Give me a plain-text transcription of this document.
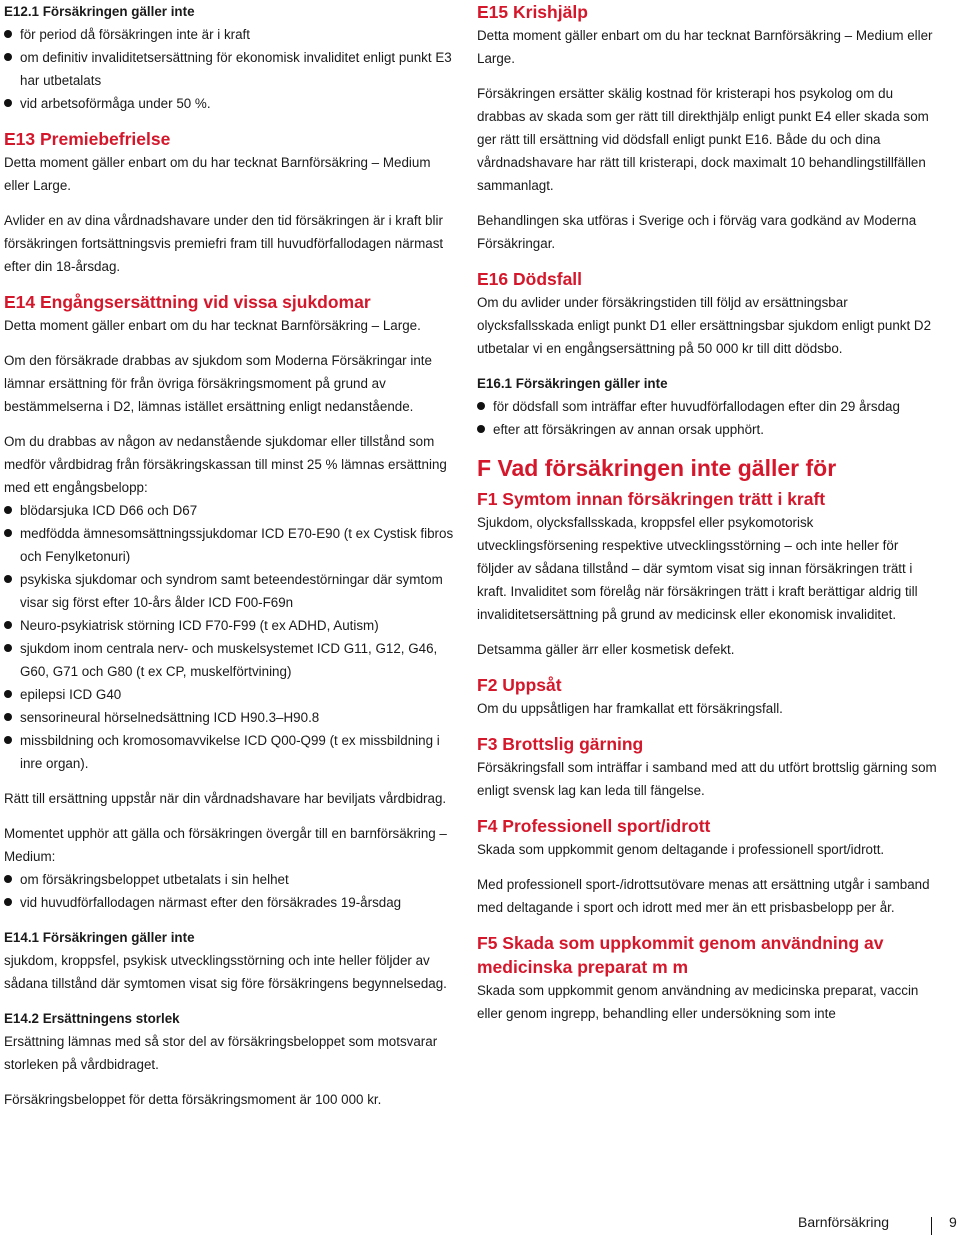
E12.1 Försäkringen gäller inte

för period då försäkringen inte är i kraft
om definitiv invaliditetsersättning för ekonomisk invaliditet enligt punkt E3 har utbetalats
vid arbetsoförmåga under 50 %.
E13 Premiebefrielse

Detta moment gäller enbart om du har tecknat Barnförsäkring – Medium eller Large.

Avlider en av dina vårdnadshavare under den tid försäkringen är i kraft blir försäkringen fortsättningsvis premiefri fram till huvudförfallodagen närmast efter din 18-årsdag.

E14 Engångsersättning vid vissa sjukdomar

Detta moment gäller enbart om du har tecknat Barnförsäkring – Large.

Om den försäkrade drabbas av sjukdom som Moderna Försäkringar inte lämnar ersättning för från övriga försäkringsmoment på grund av bestämmelserna i D2, lämnas istället ersättning enligt nedanstående.

Om du drabbas av någon av nedanstående sjukdomar eller tillstånd som medför vårdbidrag från försäkringskassan till minst 25 % lämnas ersättning med ett engångsbelopp:

blödarsjuka ICD D66 och D67
medfödda ämnesomsättningssjukdomar ICD E70-E90 (t ex Cystisk fibros och Fenylketonuri)
psykiska sjukdomar och syndrom samt beteendestörningar där symtom visar sig först efter 10-års ålder ICD F00-F69n
Neuro-psykiatrisk störning ICD F70-F99 (t ex ADHD, Autism)
sjukdom inom centrala nerv- och muskelsystemet ICD G11, G12, G46, G60, G71 och G80 (t ex CP, muskelförtvining)
epilepsi ICD G40
sensorineural hörselnedsättning ICD H90.3–H90.8
missbildning och kromosomavvikelse ICD Q00-Q99 (t ex missbildning i inre organ).

Rätt till ersättning uppstår när din vårdnadshavare har beviljats vårdbidrag.

Momentet upphör att gälla och försäkringen övergår till en barnförsäkring – Medium:

om försäkringsbeloppet utbetalats i sin helhet
vid huvudförfallodagen närmast efter den försäkrades 19-årsdag

E14.1 Försäkringen gäller inte

sjukdom, kroppsfel, psykisk utvecklingsstörning och inte heller följder av sådana tillstånd där symtomen visat sig före försäkringens begynnelsedag.

E14.2 Ersättningens storlek

Ersättning lämnas med så stor del av försäkringsbeloppet som motsvarar storleken på vårdbidraget.

Försäkringsbeloppet för detta försäkringsmoment är 100 000 kr.

E15 Krishjälp

Detta moment gäller enbart om du har tecknat Barnförsäkring – Medium eller Large.

Försäkringen ersätter skälig kostnad för kristerapi hos psykolog om du drabbas av skada som ger rätt till direkthjälp enligt punkt E4 eller skada som ger rätt till ersättning vid dödsfall enligt punkt E16. Både du och dina vårdnadshavare har rätt till kristerapi, dock maximalt 10 behandlingstillfällen sammanlagt.

Behandlingen ska utföras i Sverige och i förväg vara godkänd av Moderna Försäkringar.

E16 Dödsfall

Om du avlider under försäkringstiden till följd av ersättningsbar olycksfallsskada enligt punkt D1 eller ersättningsbar sjukdom enligt punkt D2 utbetalar vi en engångsersättning på 50 000 kr till ditt dödsbo.

E16.1 Försäkringen gäller inte

för dödsfall som inträffar efter huvudförfallodagen efter din 29 årsdag
efter att försäkringen av annan orsak upphört.
F Vad försäkringen inte gäller för
F1 Symtom innan försäkringen trätt i kraft

Sjukdom, olycksfallsskada, kroppsfel eller psykomotorisk utvecklingsförsening respektive utvecklingsstörning – och inte heller för följder av sådana tillstånd – där symtom visat sig innan försäkringen trätt i kraft. Invaliditet som förelåg när försäkringen trätt i kraft berättigar aldrig till invaliditetsersättning på grund av medicinsk eller ekonomisk invaliditet.

Detsamma gäller ärr eller kosmetisk defekt.

F2 Uppsåt

Om du uppsåtligen har framkallat ett försäkringsfall.

F3 Brottslig gärning

Försäkringsfall som inträffar i samband med att du utfört brottslig gärning som enligt svensk lag kan leda till fängelse.

F4 Professionell sport/idrott

Skada som uppkommit genom deltagande i professionell sport/idrott.

Med professionell sport-/idrottsutövare menas att ersättning utgår i samband med deltagande i sport och idrott med mer än ett prisbasbelopp per år.

F5 Skada som uppkommit genom användning av medicinska preparat m m

Skada som uppkommit genom användning av medicinska preparat, vaccin eller genom ingrepp, behandling eller undersökning som inte

Barnförsäkring	9
